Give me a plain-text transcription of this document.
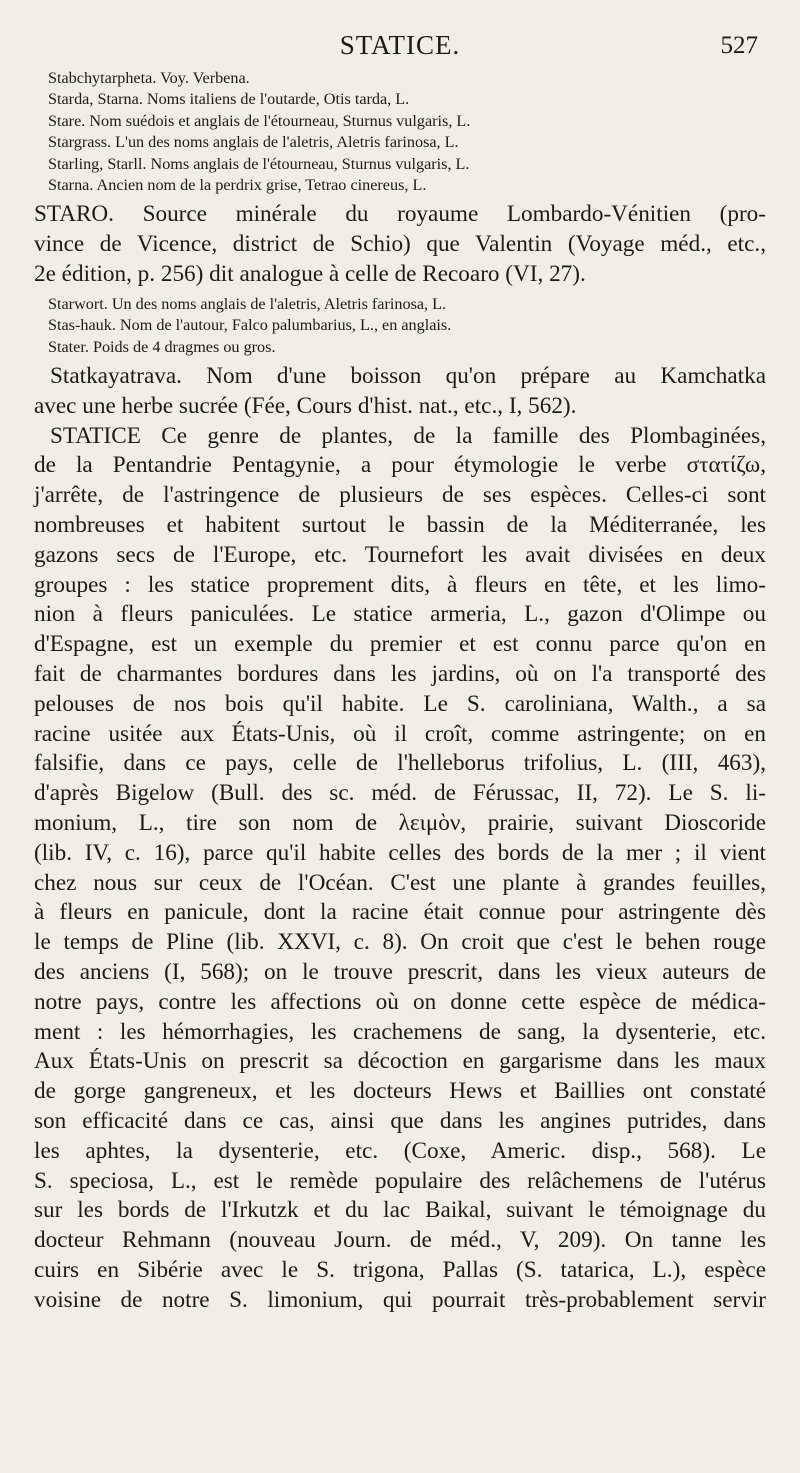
STATICE.	527

Stabchytarpheta. Voy. Verbena.

Starda, Starna. Noms italiens de l'outarde, Otis tarda, L.

Stare. Nom suédois et anglais de l'étourneau, Sturnus vulgaris, L.

Stargrass. L'un des noms anglais de l'aletris, Aletris farinosa, L.

Starling, Starll. Noms anglais de l'étourneau, Sturnus vulgaris, L.

Starna. Ancien nom de la perdrix grise, Tetrao cinereus, L.

STARO. Source minérale du royaume Lombardo-Vénitien (pro-
vince de Vicence, district de Schio) que Valentin (Voyage méd., etc.,
2e édition, p. 256) dit analogue à celle de Recoaro (VI, 27).

Starwort. Un des noms anglais de l'aletris, Aletris farinosa, L.

Stas-hauk. Nom de l'autour, Falco palumbarius, L., en anglais.

Stater. Poids de 4 dragmes ou gros.

Statkayatrava. Nom d'une boisson qu'on prépare au Kamchatka
avec une herbe sucrée (Fée, Cours d'hist. nat., etc., I, 562).
STATICE Ce genre de plantes, de la famille des Plombaginées,
de la Pentandrie Pentagynie, a pour étymologie le verbe στατίζω,
j'arrête, de l'astringence de plusieurs de ses espèces. Celles-ci sont
nombreuses et habitent surtout le bassin de la Méditerranée, les
gazons secs de l'Europe, etc. Tournefort les avait divisées en deux
groupes : les statice proprement dits, à fleurs en tête, et les limo-
nion à fleurs paniculées. Le statice armeria, L., gazon d'Olimpe ou
d'Espagne, est un exemple du premier et est connu parce qu'on en
fait de charmantes bordures dans les jardins, où on l'a transporté des
pelouses de nos bois qu'il habite. Le S. caroliniana, Walth., a sa
racine usitée aux États-Unis, où il croît, comme astringente; on en
falsifie, dans ce pays, celle de l'helleborus trifolius, L. (III, 463),
d'après Bigelow (Bull. des sc. méd. de Férussac, II, 72). Le S. li-
monium, L., tire son nom de λειμὸν, prairie, suivant Dioscoride
(lib. IV, c. 16), parce qu'il habite celles des bords de la mer ; il vient
chez nous sur ceux de l'Océan. C'est une plante à grandes feuilles,
à fleurs en panicule, dont la racine était connue pour astringente dès
le temps de Pline (lib. XXVI, c. 8). On croit que c'est le behen rouge
des anciens (I, 568); on le trouve prescrit, dans les vieux auteurs de
notre pays, contre les affections où on donne cette espèce de médica-
ment : les hémorrhagies, les crachemens de sang, la dysenterie, etc.
Aux États-Unis on prescrit sa décoction en gargarisme dans les maux
de gorge gangreneux, et les docteurs Hews et Baillies ont constaté
son efficacité dans ce cas, ainsi que dans les angines putrides, dans
les aphtes, la dysenterie, etc. (Coxe, Americ. disp., 568). Le
S. speciosa, L., est le remède populaire des relâchemens de l'utérus
sur les bords de l'Irkutzk et du lac Baikal, suivant le témoignage du
docteur Rehmann (nouveau Journ. de méd., V, 209). On tanne les
cuirs en Sibérie avec le S. trigona, Pallas (S. tatarica, L.), espèce
voisine de notre S. limonium, qui pourrait très-probablement servir
